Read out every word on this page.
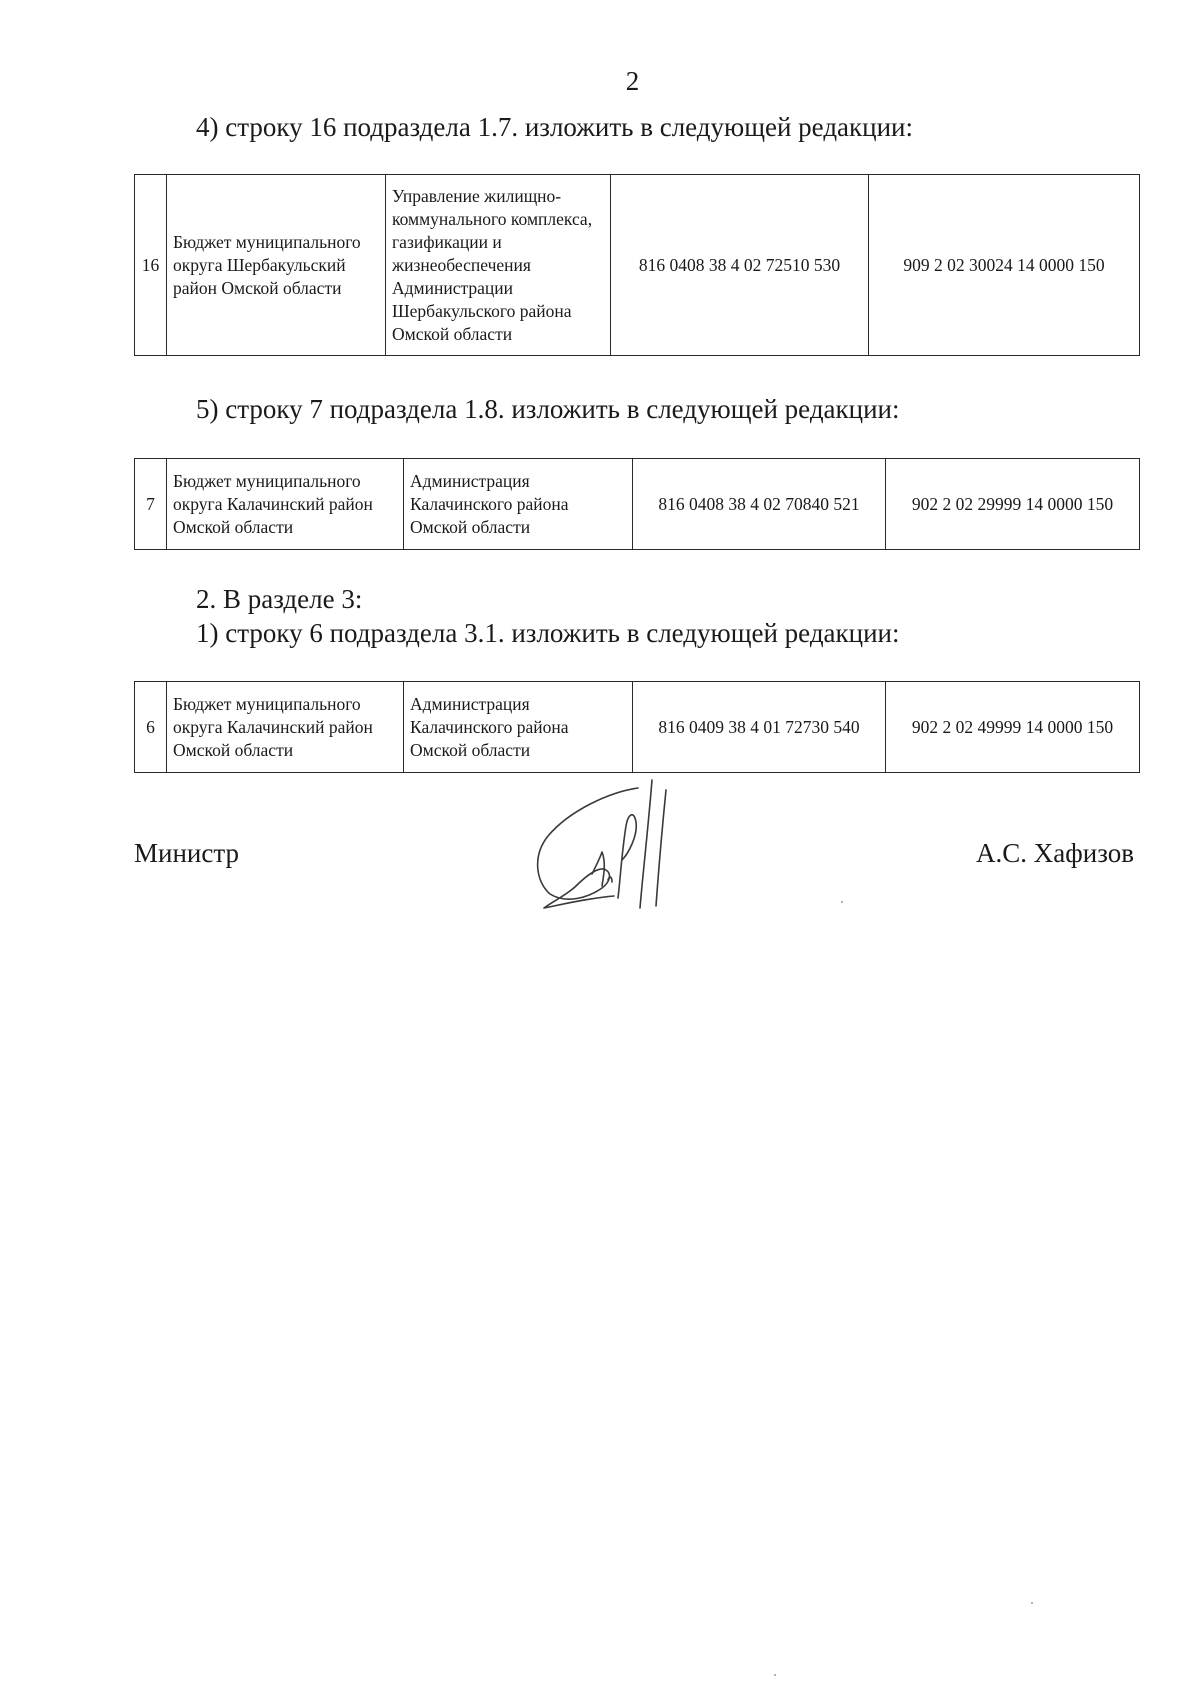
2
4) строку 16 подраздела 1.7. изложить в следующей редакции:
16	Бюджет муниципального округа Шербакульский район Омской области	Управление жилищно-коммунального комплекса, газификации и жизнеобеспечения Администрации Шербакульского района Омской области	816 0408 38 4 02 72510 530	909 2 02 30024 14 0000 150
5) строку 7 подраздела 1.8. изложить в следующей редакции:
7	Бюджет муниципального округа Калачинский район Омской области	Администрация Калачинского района Омской области	816 0408 38 4 02 70840 521	902 2 02 29999 14 0000 150
2. В разделе 3:
1) строку 6 подраздела 3.1. изложить в следующей редакции:
6	Бюджет муниципального округа Калачинский район Омской области	Администрация Калачинского района Омской области	816 0409 38 4 01 72730 540	902 2 02 49999 14 0000 150
Министр	А.С. Хафизов
